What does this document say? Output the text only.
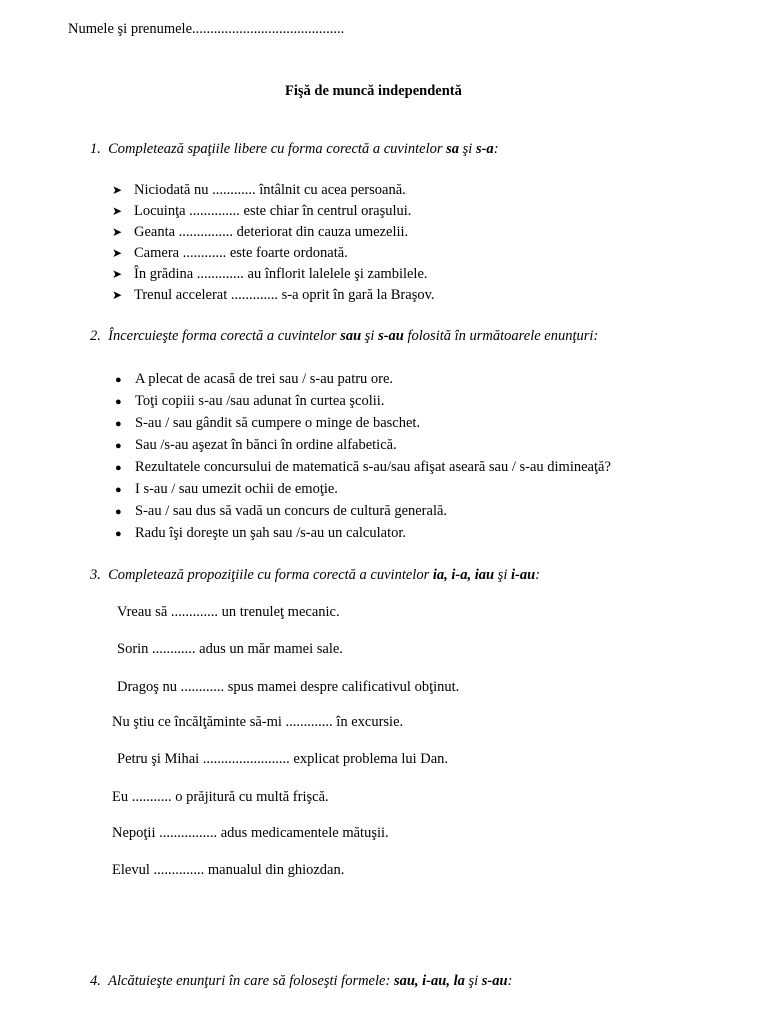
Numele şi prenumele..........................................
Fişă de muncă independentă
1. Completează spaţiile libere cu forma corectă a cuvintelor sa şi s-a:
➤ Niciodată nu ............ întâlnit cu acea persoană.
➤ Locuinţa .............. este chiar în centrul oraşului.
➤ Geanta ............... deteriorat din cauza umezelii.
➤ Camera ............ este foarte ordonată.
➤ În grădina ............. au înflorit lalelele şi zambilele.
➤ Trenul accelerat ............. s-a oprit în gară la Braşov.
2. Încercuieşte forma corectă a cuvintelor sau şi s-au folosită în următoarele enunţuri:
● A plecat de acasă de trei sau / s-au patru ore.
● Toţi copiii s-au /sau adunat în curtea şcolii.
● S-au / sau gândit să cumpere o minge de baschet.
● Sau /s-au aşezat în bănci în ordine alfabetică.
● Rezultatele concursului de matematică s-au/sau afişat aseară sau / s-au dimineaţă?
● I s-au / sau umezit ochii de emoţie.
● S-au / sau dus să vadă un concurs de cultură generală.
● Radu îşi doreşte un şah sau /s-au un calculator.
3. Completează propoziţiile cu forma corectă a cuvintelor ia, i-a, iau şi i-au:
Vreau să ............. un trenuleţ mecanic.
Sorin ............ adus un măr mamei sale.
Dragoş nu ............ spus mamei despre calificativul obţinut.
Nu ştiu ce încălţăminte să-mi ............. în excursie.
Petru şi Mihai ........................ explicat problema lui Dan.
Eu ........... o prăjitură cu multă frişcă.
Nepoţii ................ adus medicamentele mătuşii.
Elevul .............. manualul din ghiozdan.
4. Alcătuieşte enunţuri în care să foloseşti formele: sau, i-au, la şi s-au:
